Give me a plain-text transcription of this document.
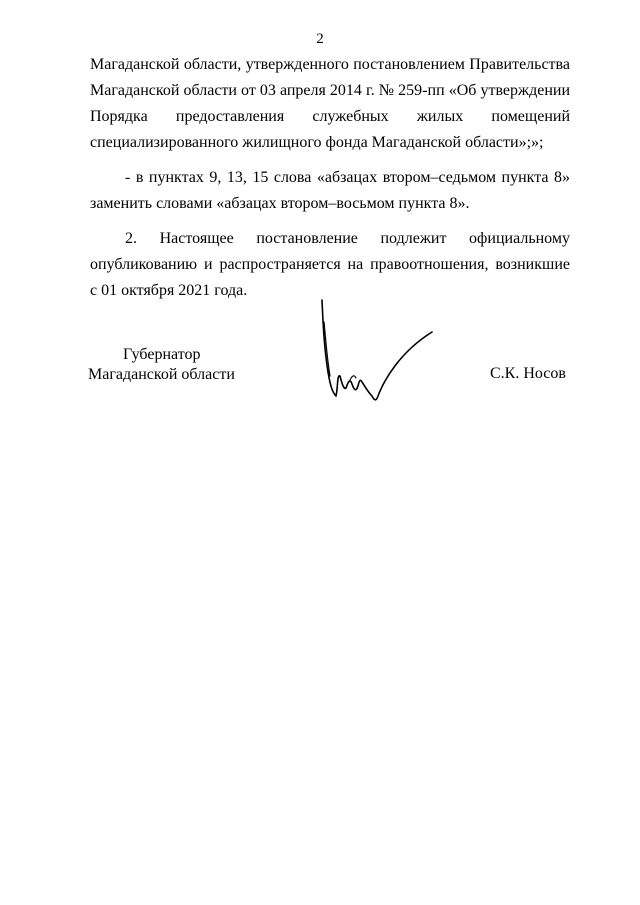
2

Магаданской области, утвержденного постановлением Правительства
Магаданской области от 03 апреля 2014 г. № 259-пп «Об утверждении
Порядка предоставления служебных жилых помещений
специализированного жилищного фонда Магаданской области»;»;

- в пунктах 9, 13, 15 слова «абзацах втором–седьмом пункта 8»
заменить словами «абзацах втором–восьмом пункта 8».

2. Настоящее постановление подлежит официальному
опубликованию и распространяется на правоотношения, возникшие
с 01 октября 2021 года.

Губернатор
Магаданской области	С.К. Носов
